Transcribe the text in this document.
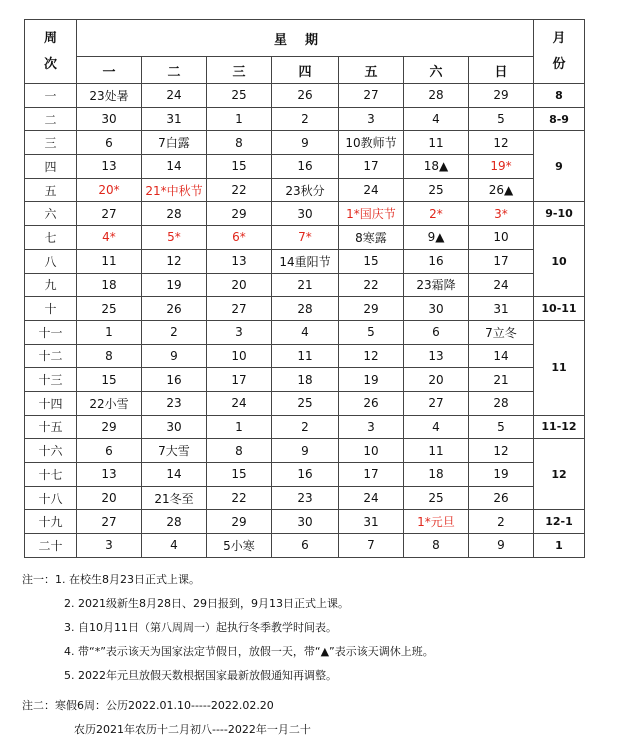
周次	星期							月份
	一	二	三	四	五	六	日	
一	23处暑	24	25	26	27	28	29	8
二	30	31	1	2	3	4	5	8-9
三	6	7白露	8	9	10教师节	11	12	9
四	13	14	15	16	17	18▲	19*	
五	20*	21*中秋节	22	23秋分	24	25	26▲	
六	27	28	29	30	1*国庆节	2*	3*	9-10
七	4*	5*	6*	7*	8寒露	9▲	10	10
八	11	12	13	14重阳节	15	16	17	
九	18	19	20	21	22	23霜降	24	
十	25	26	27	28	29	30	31	10-11
十一	1	2	3	4	5	6	7立冬	11
十二	8	9	10	11	12	13	14	
十三	15	16	17	18	19	20	21	
十四	22小雪	23	24	25	26	27	28	
十五	29	30	1	2	3	4	5	11-12
十六	6	7大雪	8	9	10	11	12	12
十七	13	14	15	16	17	18	19	
十八	20	21冬至	22	23	24	25	26	
十九	27	28	29	30	31	1*元旦	2	12-1
二十	3	4	5小寒	6	7	8	9	1
注一：1. 在校生8月23日正式上课。
2. 2021级新生8月28日、29日报到，9月13日正式上课。
3. 自10月11日（第八周周一）起执行冬季教学时间表。
4. 带“*”表示该天为国家法定节假日，放假一天，带“▲”表示该天调休上班。
5. 2022年元旦放假天数根据国家最新放假通知再调整。
注二：寒假6周：公历2022.01.10-----2022.02.20
农历2021年农历十二月初八----2022年一月二十
